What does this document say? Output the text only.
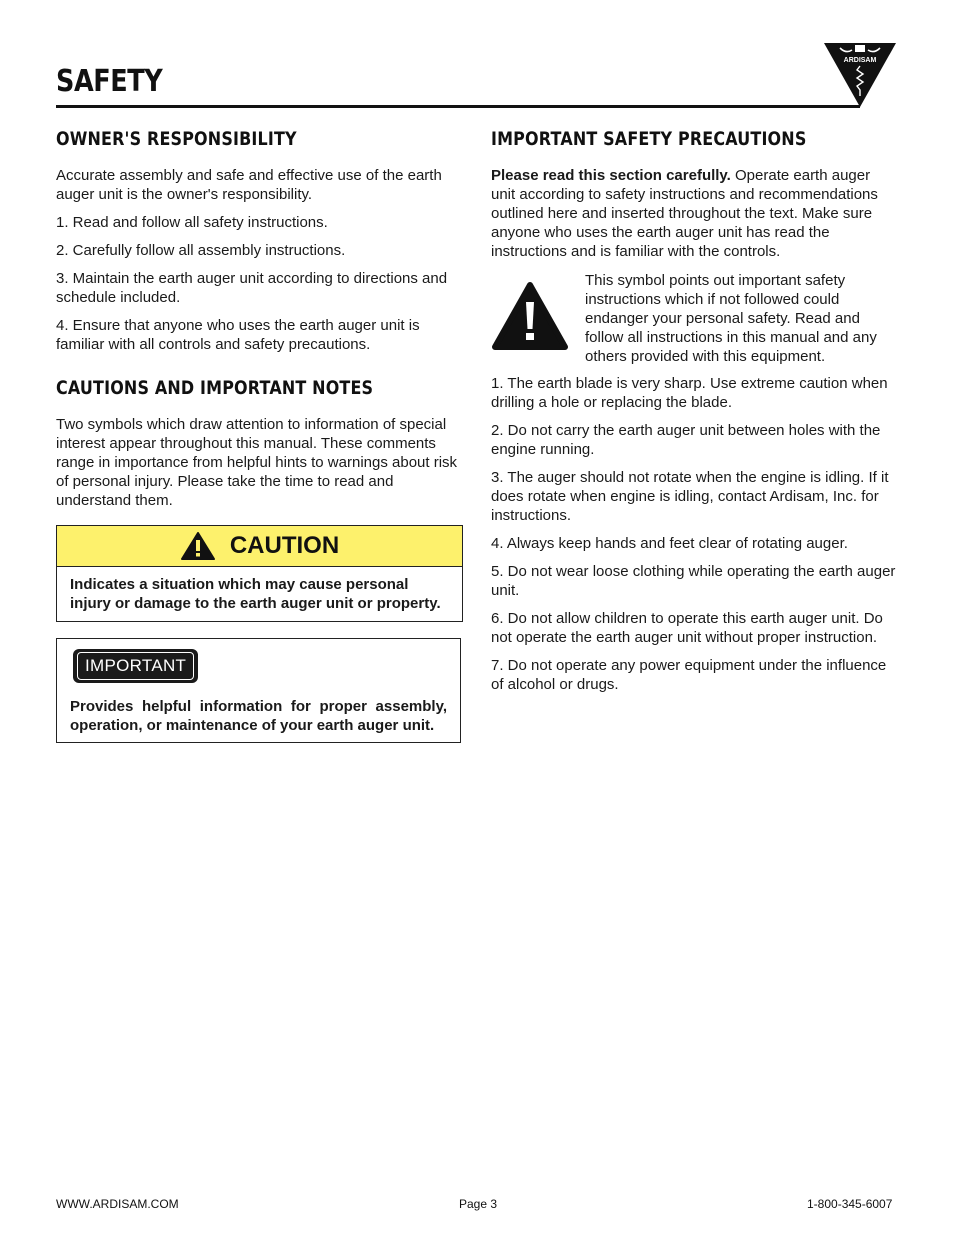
SAFETY
ARDISAM
OWNER'S RESPONSIBILITY

Accurate assembly and safe and effective use of the earth auger unit is the owner's responsibility.

1. Read and follow all safety instructions.

2. Carefully follow all assembly instructions.

3. Maintain the earth auger unit according to directions and schedule included.

4. Ensure that anyone who uses the earth auger unit is familiar with all controls and safety precautions.

CAUTIONS AND IMPORTANT NOTES

Two symbols which draw attention to information of special interest appear throughout this manual. These comments range in importance from helpful hints to warnings about risk of personal injury. Please take the time to read and understand them.

CAUTION
Indicates a situation which may cause personal injury or damage to the earth auger unit or property.
IMPORTANT
Provides helpful information for proper assembly, operation, or maintenance of your earth auger unit.
IMPORTANT SAFETY PRECAUTIONS

Please read this section carefully. Operate earth auger unit according to safety instructions and recommendations outlined here and inserted throughout the text. Make sure anyone who uses the earth auger unit has read the instructions and is familiar with the controls.

This symbol points out important safety instructions which if not followed could endanger your personal safety. Read and follow all instructions in this manual and any others provided with this equipment.

1. The earth blade is very sharp. Use extreme caution when drilling a hole or replacing the blade.

2. Do not carry the earth auger unit between holes with the engine running.

3. The auger should not rotate when the engine is idling. If it does rotate when engine is idling, contact Ardisam, Inc. for instructions.

4. Always keep hands and feet clear of rotating auger.

5. Do not wear loose clothing while operating the earth auger unit.

6. Do not allow children to operate this earth auger unit. Do not operate the earth auger unit without proper instruction.

7. Do not operate any power equipment under the influence of alcohol or drugs.

WWW.ARDISAM.COM	Page 3	1-800-345-6007
